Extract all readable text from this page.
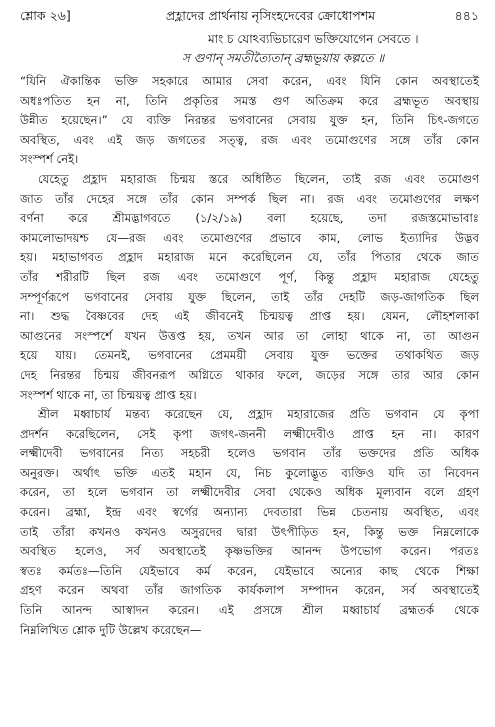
শ্লোক ২৬]	প্রহ্লাদের প্রার্থনায় নৃসিংহদেবের ক্রোধোপশম	৪৪১
মাং চ যোঽব্যভিচারেণ ভক্তিযোগেন সেবতে ।
স গুণান্‌ সমতীত্যৈতান্‌ ব্রহ্মভূয়ায় কল্পতে ॥

“যিনি ঐকান্তিক ভক্তি সহকারে আমার সেবা করেন, এবং যিনি কোন অবস্থাতেই
অধঃপতিত হন না, তিনি প্রকৃতির সমস্ত গুণ অতিক্রম করে ব্রহ্মভূত অবস্থায়
উন্নীত হয়েছেন।” যে ব্যক্তি নিরন্তর ভগবানের সেবায় যুক্ত হন, তিনি চিৎ-জগতে
অবস্থিত, এবং এই জড় জগতের সত্ত্ব, রজ এবং তমোগুণের সঙ্গে তাঁর কোন
সংস্পর্শ নেই।

যেহেতু প্রহ্লাদ মহারাজ চিন্ময় স্তরে অধিষ্ঠিত ছিলেন, তাই রজ এবং তমোগুণ
জাত তাঁর দেহের সঙ্গে তাঁর কোন সম্পর্ক ছিল না। রজ এবং তমোগুণের লক্ষণ
বর্ণনা করে শ্রীমদ্ভাগবতে (১/২/১৯) বলা হয়েছে, তদা রজস্তমোভাবাঃ
কামলোভাদয়শ্চ যে—রজ এবং তমোগুণের প্রভাবে কাম, লোভ ইত্যাদির উদ্ভব
হয়। মহাভাগবত প্রহ্লাদ মহারাজ মনে করেছিলেন যে, তাঁর পিতার থেকে জাত
তাঁর শরীরটি ছিল রজ এবং তমোগুণে পূর্ণ, কিন্তু প্রহ্লাদ মহারাজ যেহেতু
সম্পূর্ণরূপে ভগবানের সেবায় যুক্ত ছিলেন, তাই তাঁর দেহটি জড়-জাগতিক ছিল
না। শুদ্ধ বৈষ্ণবের দেহ এই জীবনেই চিন্ময়ত্ব প্রাপ্ত হয়। যেমন, লৌহশলাকা
আগুনের সংস্পর্শে যখন উত্তপ্ত হয়, তখন আর তা লোহা থাকে না, তা আগুন
হয়ে যায়। তেমনই, ভগবানের প্রেমময়ী সেবায় যুক্ত ভক্তের তথাকথিত জড়
দেহ নিরন্তর চিন্ময় জীবনরূপ অগ্নিতে থাকার ফলে, জড়ের সঙ্গে তার আর কোন
সংস্পর্শ থাকে না, তা চিন্ময়ত্ব প্রাপ্ত হয়।

শ্রীল মধ্বাচার্য মন্তব্য করেছেন যে, প্রহ্লাদ মহারাজের প্রতি ভগবান যে কৃপা
প্রদর্শন করেছিলেন, সেই কৃপা জগৎ-জননী লক্ষ্মীদেবীও প্রাপ্ত হন না। কারণ
লক্ষ্মীদেবী ভগবানের নিত্য সহচরী হলেও ভগবান তাঁর ভক্তদের প্রতি অধিক
অনুরক্ত। অর্থাৎ ভক্তি এতই মহান যে, নিচ কুলোদ্ভূত ব্যক্তিও যদি তা নিবেদন
করেন, তা হলে ভগবান তা লক্ষ্মীদেবীর সেবা থেকেও অধিক মূল্যবান বলে গ্রহণ
করেন। ব্রহ্মা, ইন্দ্র এবং স্বর্গের অন্যান্য দেবতারা ভিন্ন চেতনায় অবস্থিত, এবং
তাই তাঁরা কখনও কখনও অসুরদের দ্বারা উৎপীড়িত হন, কিন্তু ভক্ত নিম্নলোকে
অবস্থিত হলেও, সর্ব অবস্থাতেই কৃষ্ণভক্তির আনন্দ উপভোগ করেন। পরতঃ
স্বতঃ কর্মতঃ—তিনি যেইভাবে কর্ম করেন, যেইভাবে অন্যের কাছ থেকে শিক্ষা
গ্রহণ করেন অথবা তাঁর জাগতিক কার্যকলাপ সম্পাদন করেন, সর্ব অবস্থাতেই
তিনি আনন্দ আস্বাদন করেন। এই প্রসঙ্গে শ্রীল মধ্বাচার্য ব্রহ্মতর্ক থেকে
নিম্নলিখিত শ্লোক দুটি উল্লেখ করেছেন—
